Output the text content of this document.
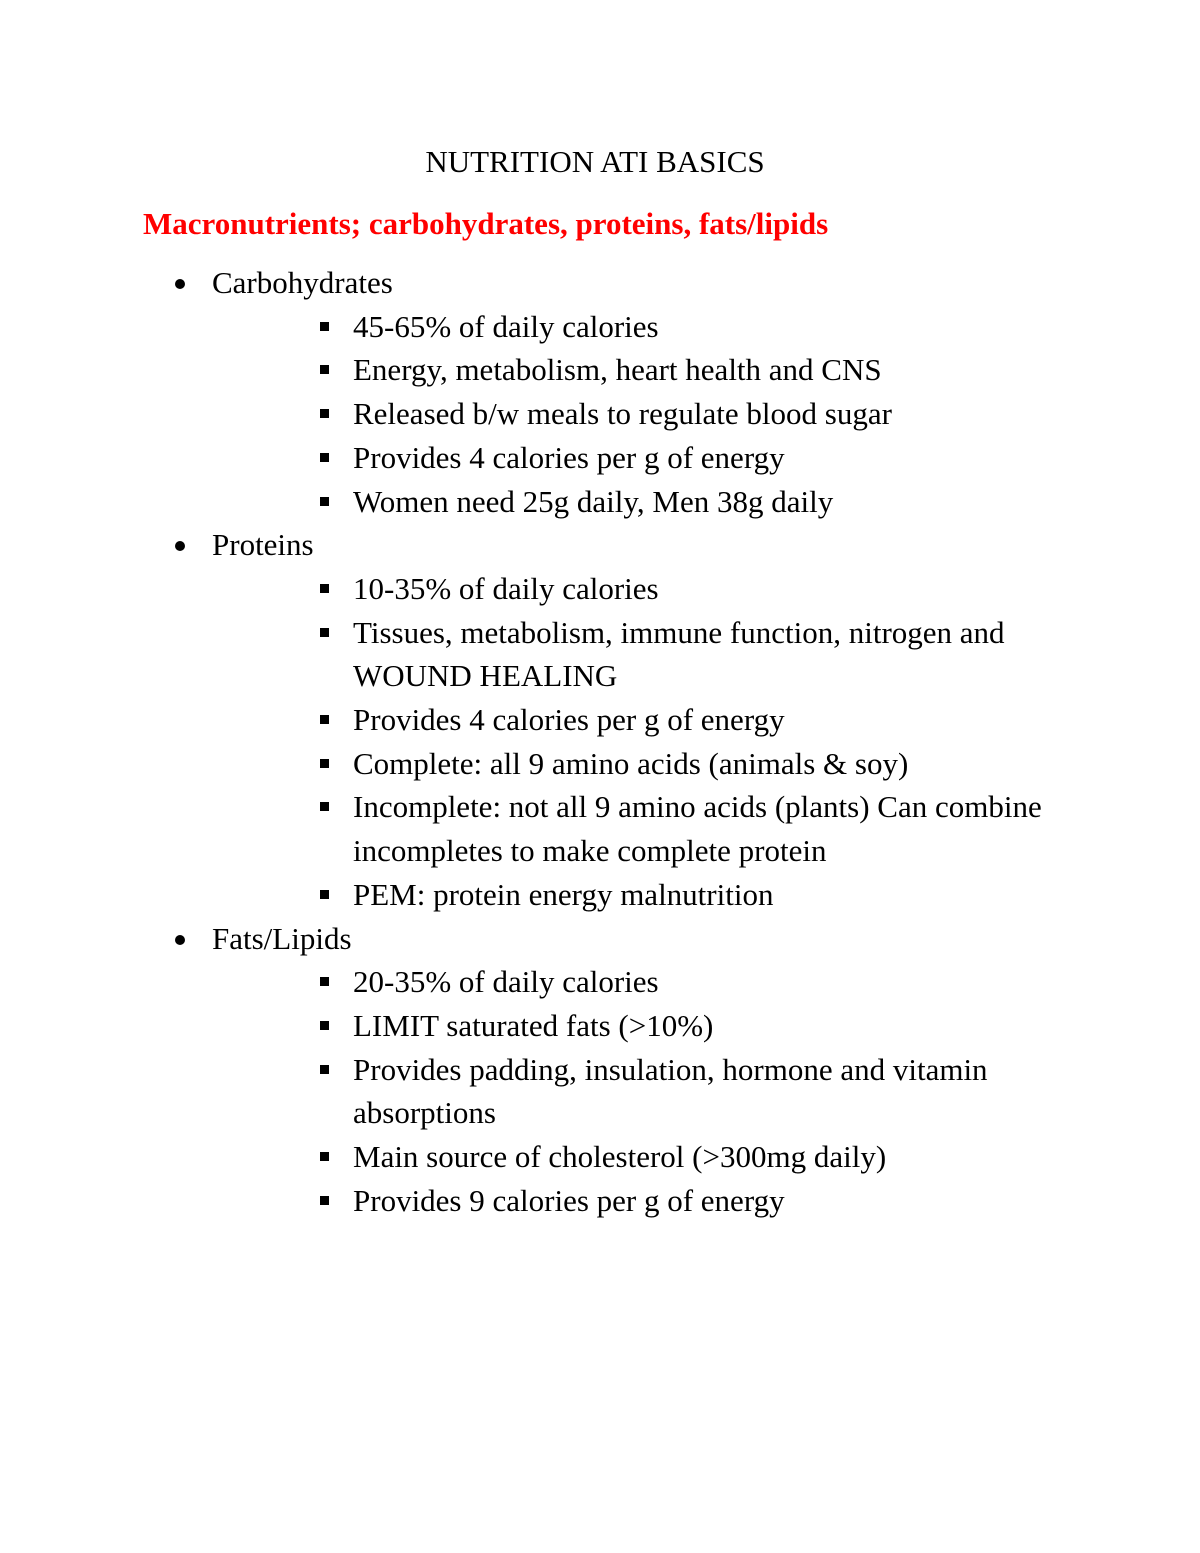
NUTRITION ATI BASICS
Macronutrients; carbohydrates, proteins, fats/lipids
Carbohydrates
45-65% of daily calories
Energy, metabolism, heart health and CNS
Released b/w meals to regulate blood sugar
Provides 4 calories per g of energy
Women need 25g daily, Men 38g daily
Proteins
10-35% of daily calories
Tissues, metabolism, immune function, nitrogen and WOUND HEALING
Provides 4 calories per g of energy
Complete: all 9 amino acids (animals & soy)
Incomplete: not all 9 amino acids (plants) Can combine incompletes to make complete protein
PEM: protein energy malnutrition
Fats/Lipids
20-35% of daily calories
LIMIT saturated fats (>10%)
Provides padding, insulation, hormone and vitamin absorptions
Main source of cholesterol (>300mg daily)
Provides 9 calories per g of energy
